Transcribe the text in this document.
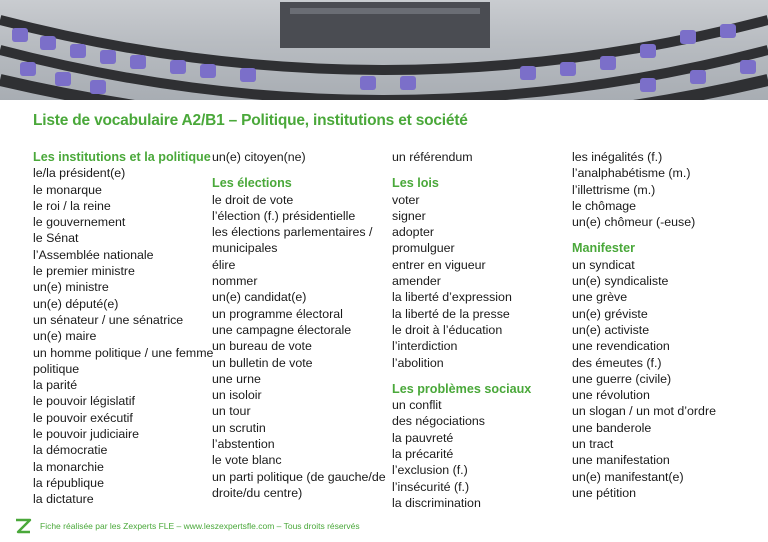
Liste de vocabulaire A2/B1 – Politique, institutions et société
Les institutions et la politique
le/la président(e)
le monarque
le roi / la reine
le gouvernement
le Sénat
l’Assemblée nationale
le premier ministre
un(e) ministre
un(e) député(e)
un sénateur / une sénatrice
un(e) maire
un homme politique / une femme
politique
la parité
le pouvoir législatif
le pouvoir exécutif
le pouvoir judiciaire
la démocratie
la monarchie
la république
la dictature
un(e) citoyen(ne)
Les élections
le droit de vote
l’élection (f.) présidentielle
les élections parlementaires /
municipales
élire
nommer
un(e) candidat(e)
un programme électoral
une campagne électorale
un bureau de vote
un bulletin de vote
une urne
un isoloir
un tour
un scrutin
l’abstention
le vote blanc
un parti politique (de gauche/de
droite/du centre)
un référendum
Les lois
voter
signer
adopter
promulguer
entrer en vigueur
amender
la liberté d’expression
la liberté de la presse
le droit à l’éducation
l’interdiction
l’abolition
Les problèmes sociaux
un conflit
des négociations
la pauvreté
la précarité
l’exclusion (f.)
l’insécurité (f.)
la discrimination
les inégalités (f.)
l’analphabétisme (m.)
l’illettrisme (m.)
le chômage
un(e) chômeur (-euse)
Manifester
un syndicat
un(e) syndicaliste
une grève
un(e) gréviste
un(e) activiste
une revendication
des émeutes (f.)
une guerre (civile)
une révolution
un slogan / un mot d’ordre
une banderole
un tract
une manifestation
un(e) manifestant(e)
une pétition
Fiche réalisée par les Zexperts FLE – www.leszexpertsfle.com – Tous droits réservés
